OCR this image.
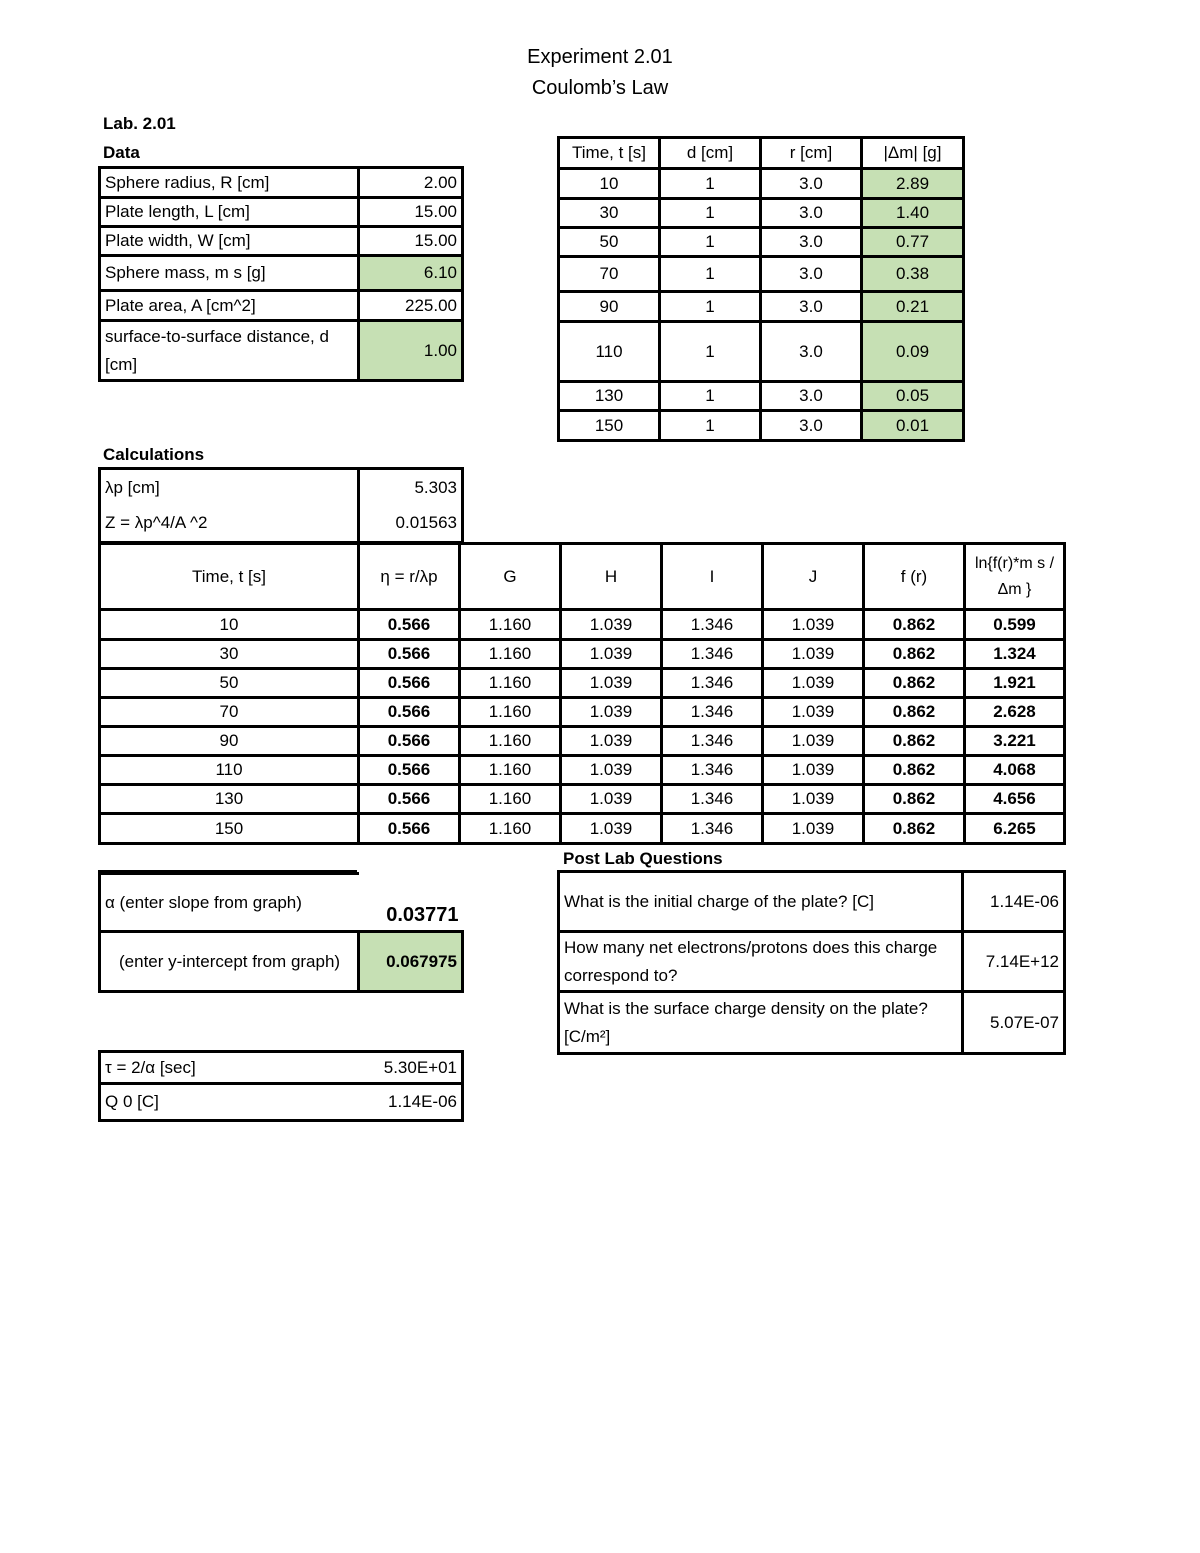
Experiment 2.01
Coulomb’s Law
Lab. 2.01
Data
Sphere radius, R [cm]	2.00
Plate length, L [cm]	15.00
Plate width, W [cm]	15.00
Sphere mass, m s [g]	6.10
Plate area, A [cm^2]	225.00
surface-to-surface distance, d [cm]	1.00
Time, t [s]	d [cm]	r [cm]	|Δm| [g]
10	1	3.0	2.89
30	1	3.0	1.40
50	1	3.0	0.77
70	1	3.0	0.38
90	1	3.0	0.21
110	1	3.0	0.09
130	1	3.0	0.05
150	1	3.0	0.01
Calculations
λp [cm]	5.303
Z = λp^4/A ^2	0.01563
Time, t [s]	η = r/λp	G	H	I	J	f (r)	ln{f(r)*m s /Δm }
10	0.566	1.160	1.039	1.346	1.039	0.862	0.599
30	0.566	1.160	1.039	1.346	1.039	0.862	1.324
50	0.566	1.160	1.039	1.346	1.039	0.862	1.921
70	0.566	1.160	1.039	1.346	1.039	0.862	2.628
90	0.566	1.160	1.039	1.346	1.039	0.862	3.221
110	0.566	1.160	1.039	1.346	1.039	0.862	4.068
130	0.566	1.160	1.039	1.346	1.039	0.862	4.656
150	0.566	1.160	1.039	1.346	1.039	0.862	6.265
Post Lab Questions
α (enter slope from graph)	0.03771
(enter y-intercept from graph)	0.067975
τ = 2/α [sec]	5.30E+01
Q 0 [C]	1.14E-06
What is the initial charge of the plate? [C]	1.14E-06
How many net electrons/protons does this charge correspond to?	7.14E+12
What is the surface charge density on the plate? [C/m²]	5.07E-07
